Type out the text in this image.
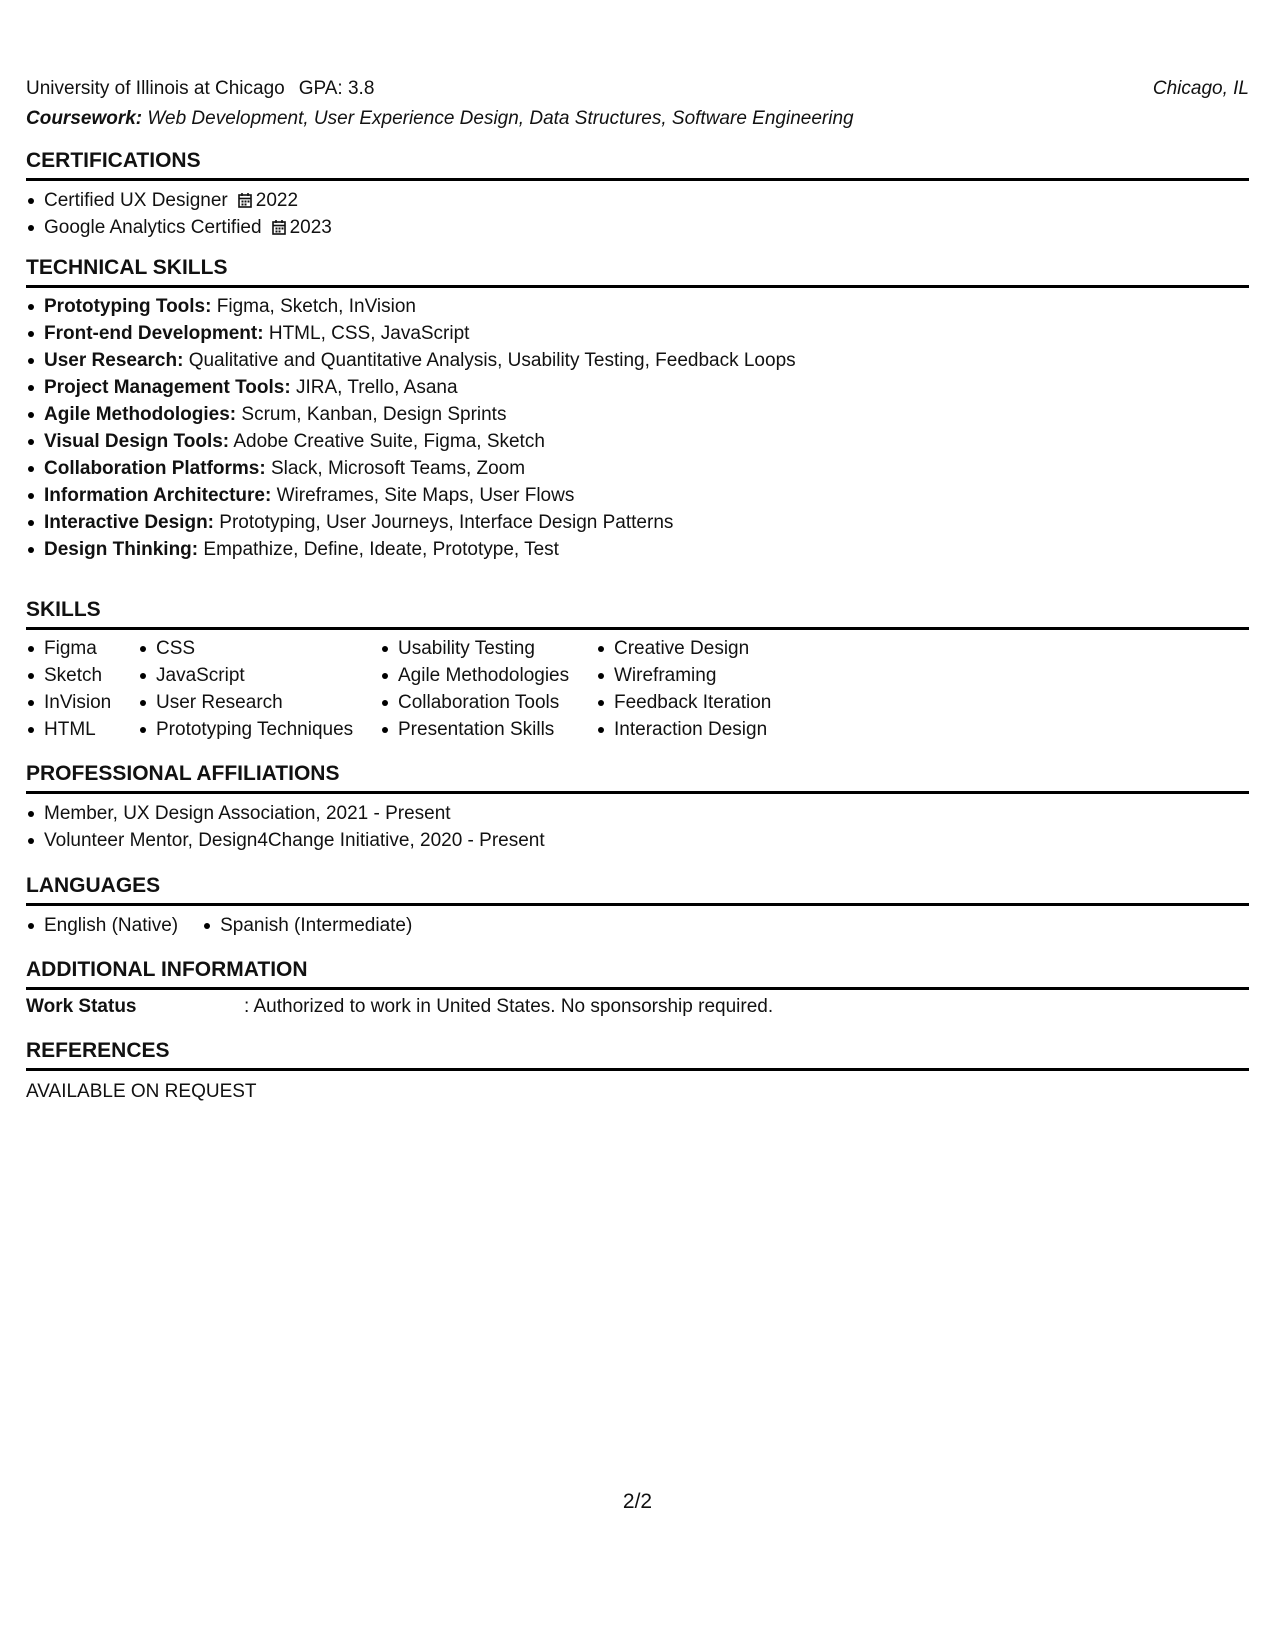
University of Illinois at Chicago GPA: 3.8	Chicago, IL
Coursework: Web Development, User Experience Design, Data Structures, Software Engineering
CERTIFICATIONS
Certified UX Designer 2022
Google Analytics Certified 2023
TECHNICAL SKILLS
Prototyping Tools: Figma, Sketch, InVision
Front-end Development: HTML, CSS, JavaScript
User Research: Qualitative and Quantitative Analysis, Usability Testing, Feedback Loops
Project Management Tools: JIRA, Trello, Asana
Agile Methodologies: Scrum, Kanban, Design Sprints
Visual Design Tools: Adobe Creative Suite, Figma, Sketch
Collaboration Platforms: Slack, Microsoft Teams, Zoom
Information Architecture: Wireframes, Site Maps, User Flows
Interactive Design: Prototyping, User Journeys, Interface Design Patterns
Design Thinking: Empathize, Define, Ideate, Prototype, Test
SKILLS
Figma
Sketch
InVision
HTML
CSS
JavaScript
User Research
Prototyping Techniques
Usability Testing
Agile Methodologies
Collaboration Tools
Presentation Skills
Creative Design
Wireframing
Feedback Iteration
Interaction Design
PROFESSIONAL AFFILIATIONS
Member, UX Design Association, 2021 - Present
Volunteer Mentor, Design4Change Initiative, 2020 - Present
LANGUAGES
English (Native)	Spanish (Intermediate)
ADDITIONAL INFORMATION
Work Status	: Authorized to work in United States. No sponsorship required.
REFERENCES
AVAILABLE ON REQUEST
2/2
